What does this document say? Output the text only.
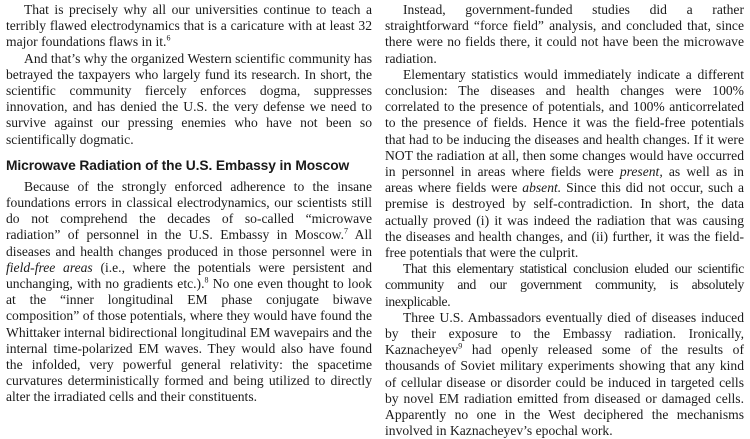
That is precisely why all our universities continue to teach a terribly flawed electrodynamics that is a caricature with at least 32 major foundations flaws in it.$^6$

And that’s why the organized Western scientific community has betrayed the taxpayers who largely fund its research. In short, the scientific community fiercely enforces dogma, suppresses innovation, and has denied the U.S. the very defense we need to survive against our pressing enemies who have not been so scientifically dogmatic.

Microwave Radiation of the U.S. Embassy in Moscow

Because of the strongly enforced adherence to the insane foundations errors in classical electrodynamics, our scientists still do not comprehend the decades of so-called “microwave radiation” of personnel in the U.S. Embassy in Moscow.$^7$ All diseases and health changes produced in those personnel were in field-free areas (i.e., where the potentials were persistent and unchanging, with no gradients etc.).$^8$ No one even thought to look at the “inner longitudinal EM phase conjugate biwave composition” of those potentials, where they would have found the Whittaker internal bidirectional longitudinal EM wavepairs and the internal time-polarized EM waves. They would also have found the infolded, very powerful general relativity: the spacetime curvatures deterministically formed and being utilized to directly alter the irradiated cells and their constituents.

Instead, government-funded studies did a rather straightforward “force field” analysis, and concluded that, since there were no fields there, it could not have been the microwave radiation.

Elementary statistics would immediately indicate a different conclusion: The diseases and health changes were 100% correlated to the presence of potentials, and 100% anticorrelated to the presence of fields. Hence it was the field-free potentials that had to be inducing the diseases and health changes. If it were NOT the radiation at all, then some changes would have occurred in personnel in areas where fields were present, as well as in areas where fields were absent. Since this did not occur, such a premise is destroyed by self-contradiction. In short, the data actually proved (i) it was indeed the radiation that was causing the diseases and health changes, and (ii) further, it was the field-free potentials that were the culprit.

That this elementary statistical conclusion eluded our scientific community and our government community, is absolutely inexplicable.

Three U.S. Ambassadors eventually died of diseases induced by their exposure to the Embassy radiation. Ironically, Kaznacheyev$^9$ had openly released some of the results of thousands of Soviet military experiments showing that any kind of cellular disease or disorder could be induced in targeted cells by novel EM radiation emitted from diseased or damaged cells. Apparently no one in the West deciphered the mechanisms involved in Kaznacheyev’s epochal work.
